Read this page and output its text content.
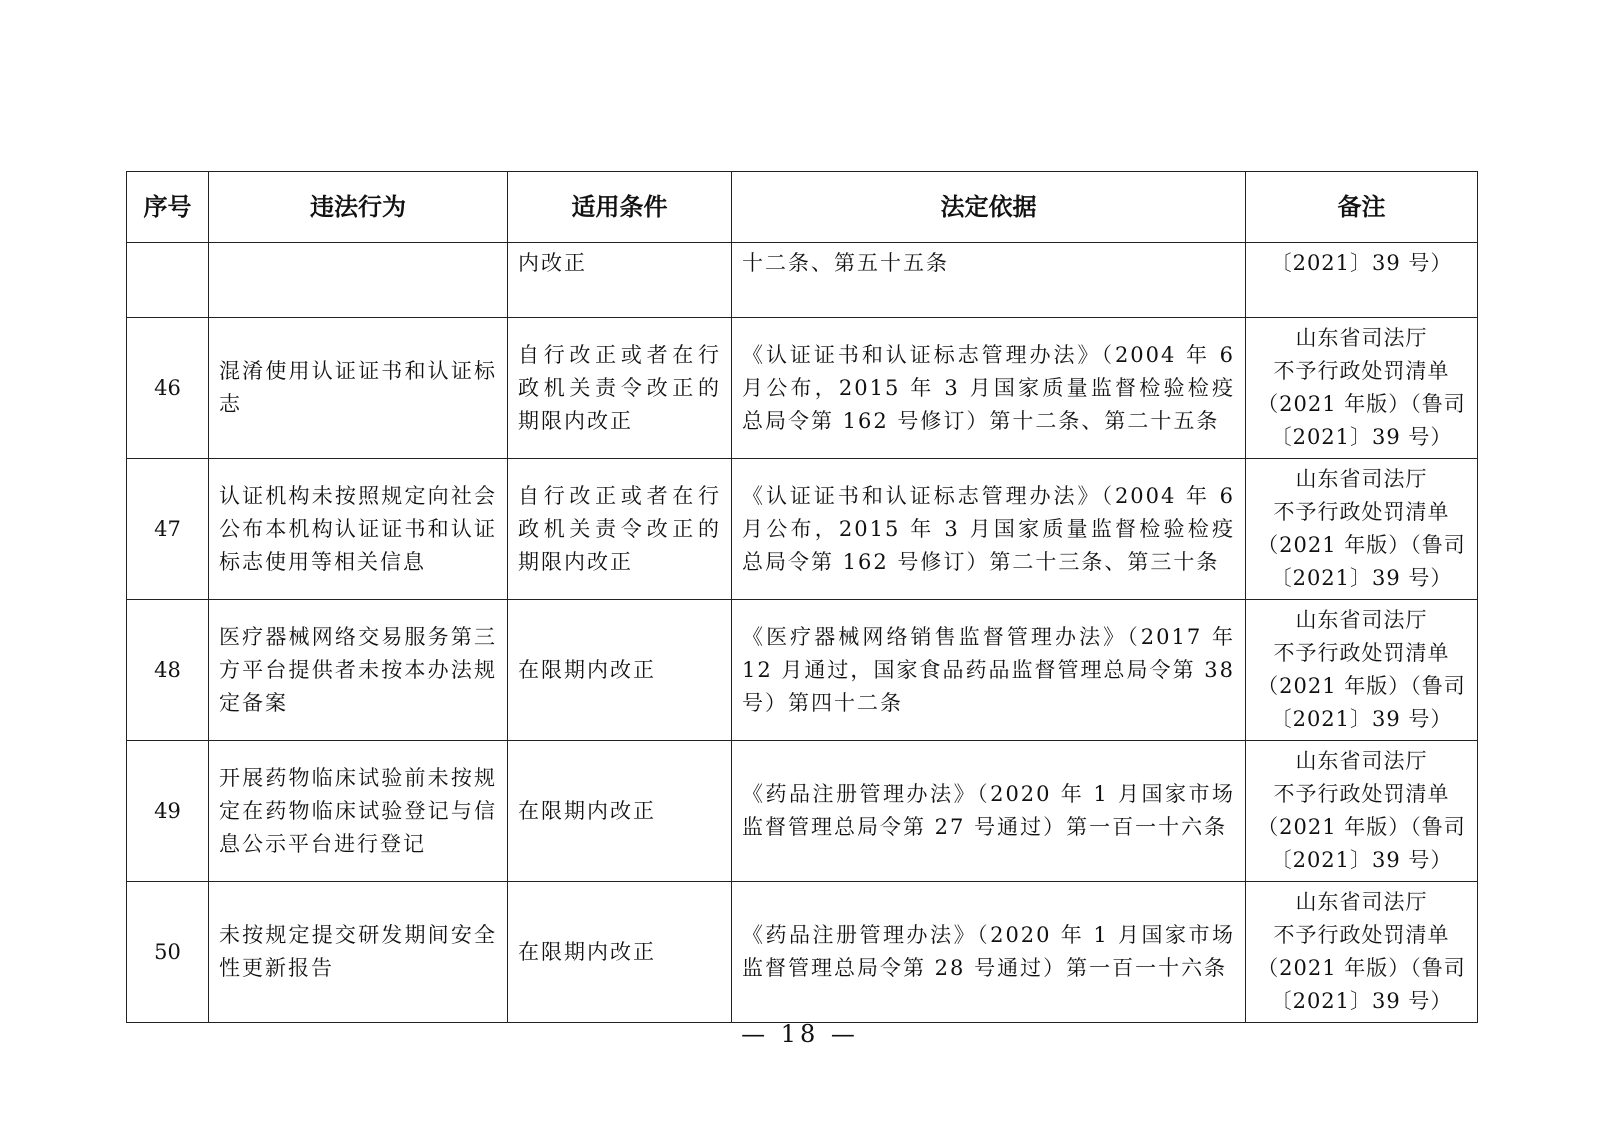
序号	违法行为	适用条件	法定依据	备注
		内改正	十二条、第五十五条	〔2021〕39 号）

46	混淆使用认证证书和认证标志	自行改正或者在行政机关责令改正的期限内改正	《认证证书和认证标志管理办法》（2004 年 6 月公布，2015 年 3 月国家质量监督检验检疫总局令第 162 号修订）第十二条、第二十五条	山东省司法厅
不予行政处罚清单
（2021 年版）（鲁司
〔2021〕39 号）

47	认证机构未按照规定向社会公布本机构认证证书和认证标志使用等相关信息	自行改正或者在行政机关责令改正的期限内改正	《认证证书和认证标志管理办法》（2004 年 6 月公布，2015 年 3 月国家质量监督检验检疫总局令第 162 号修订）第二十三条、第三十条	山东省司法厅
不予行政处罚清单
（2021 年版）（鲁司
〔2021〕39 号）

48	医疗器械网络交易服务第三方平台提供者未按本办法规定备案	在限期内改正	《医疗器械网络销售监督管理办法》（2017 年 12 月通过，国家食品药品监督管理总局令第 38 号）第四十二条	山东省司法厅
不予行政处罚清单
（2021 年版）（鲁司
〔2021〕39 号）

49	开展药物临床试验前未按规定在药物临床试验登记与信息公示平台进行登记	在限期内改正	《药品注册管理办法》（2020 年 1 月国家市场监督管理总局令第 27 号通过）第一百一十六条	山东省司法厅
不予行政处罚清单
（2021 年版）（鲁司
〔2021〕39 号）

50	未按规定提交研发期间安全性更新报告	在限期内改正	《药品注册管理办法》（2020 年 1 月国家市场监督管理总局令第 28 号通过）第一百一十六条	山东省司法厅
不予行政处罚清单
（2021 年版）（鲁司
〔2021〕39 号）
— 18 —
